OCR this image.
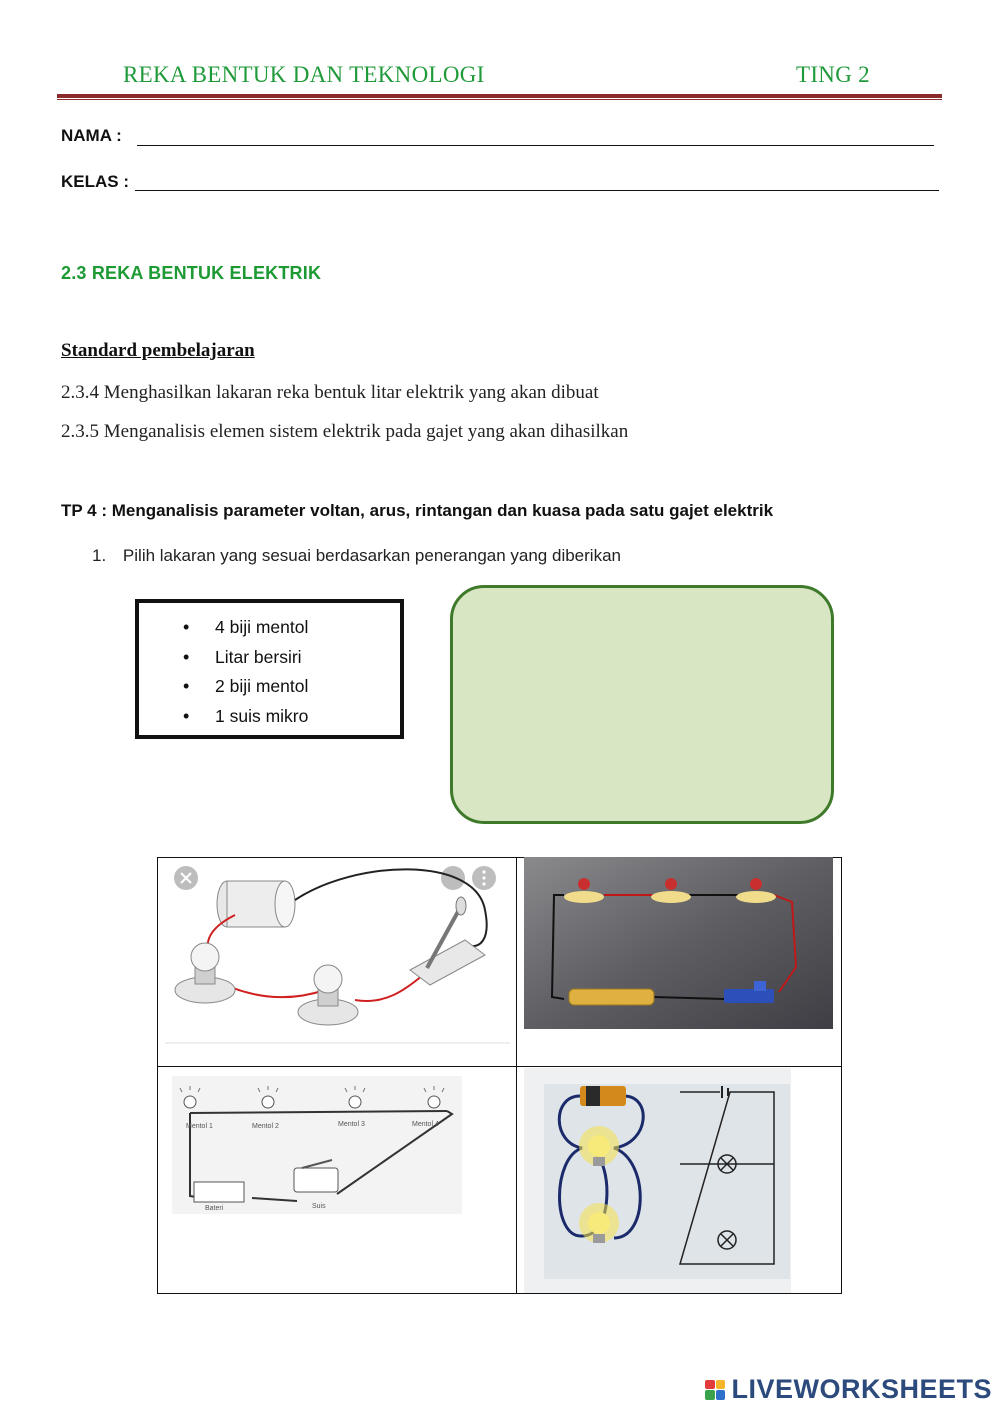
REKA BENTUK DAN TEKNOLOGI	TING 2
NAMA :
KELAS :
2.3 REKA BENTUK ELEKTRIK
Standard pembelajaran
2.3.4 Menghasilkan lakaran reka bentuk litar elektrik yang akan dibuat
2.3.5 Menganalisis elemen sistem elektrik pada gajet yang akan dihasilkan
TP 4 : Menganalisis parameter voltan, arus, rintangan dan kuasa pada satu gajet elektrik
1. Pilih lakaran yang sesuai berdasarkan penerangan yang diberikan
• 4 biji mentol
• Litar bersiri
• 2 biji mentol
• 1 suis mikro
Mentol 1	Mentol 2	Mentol 3	Mentol 4
Bateri	Suis
LIVEWORKSHEETS
